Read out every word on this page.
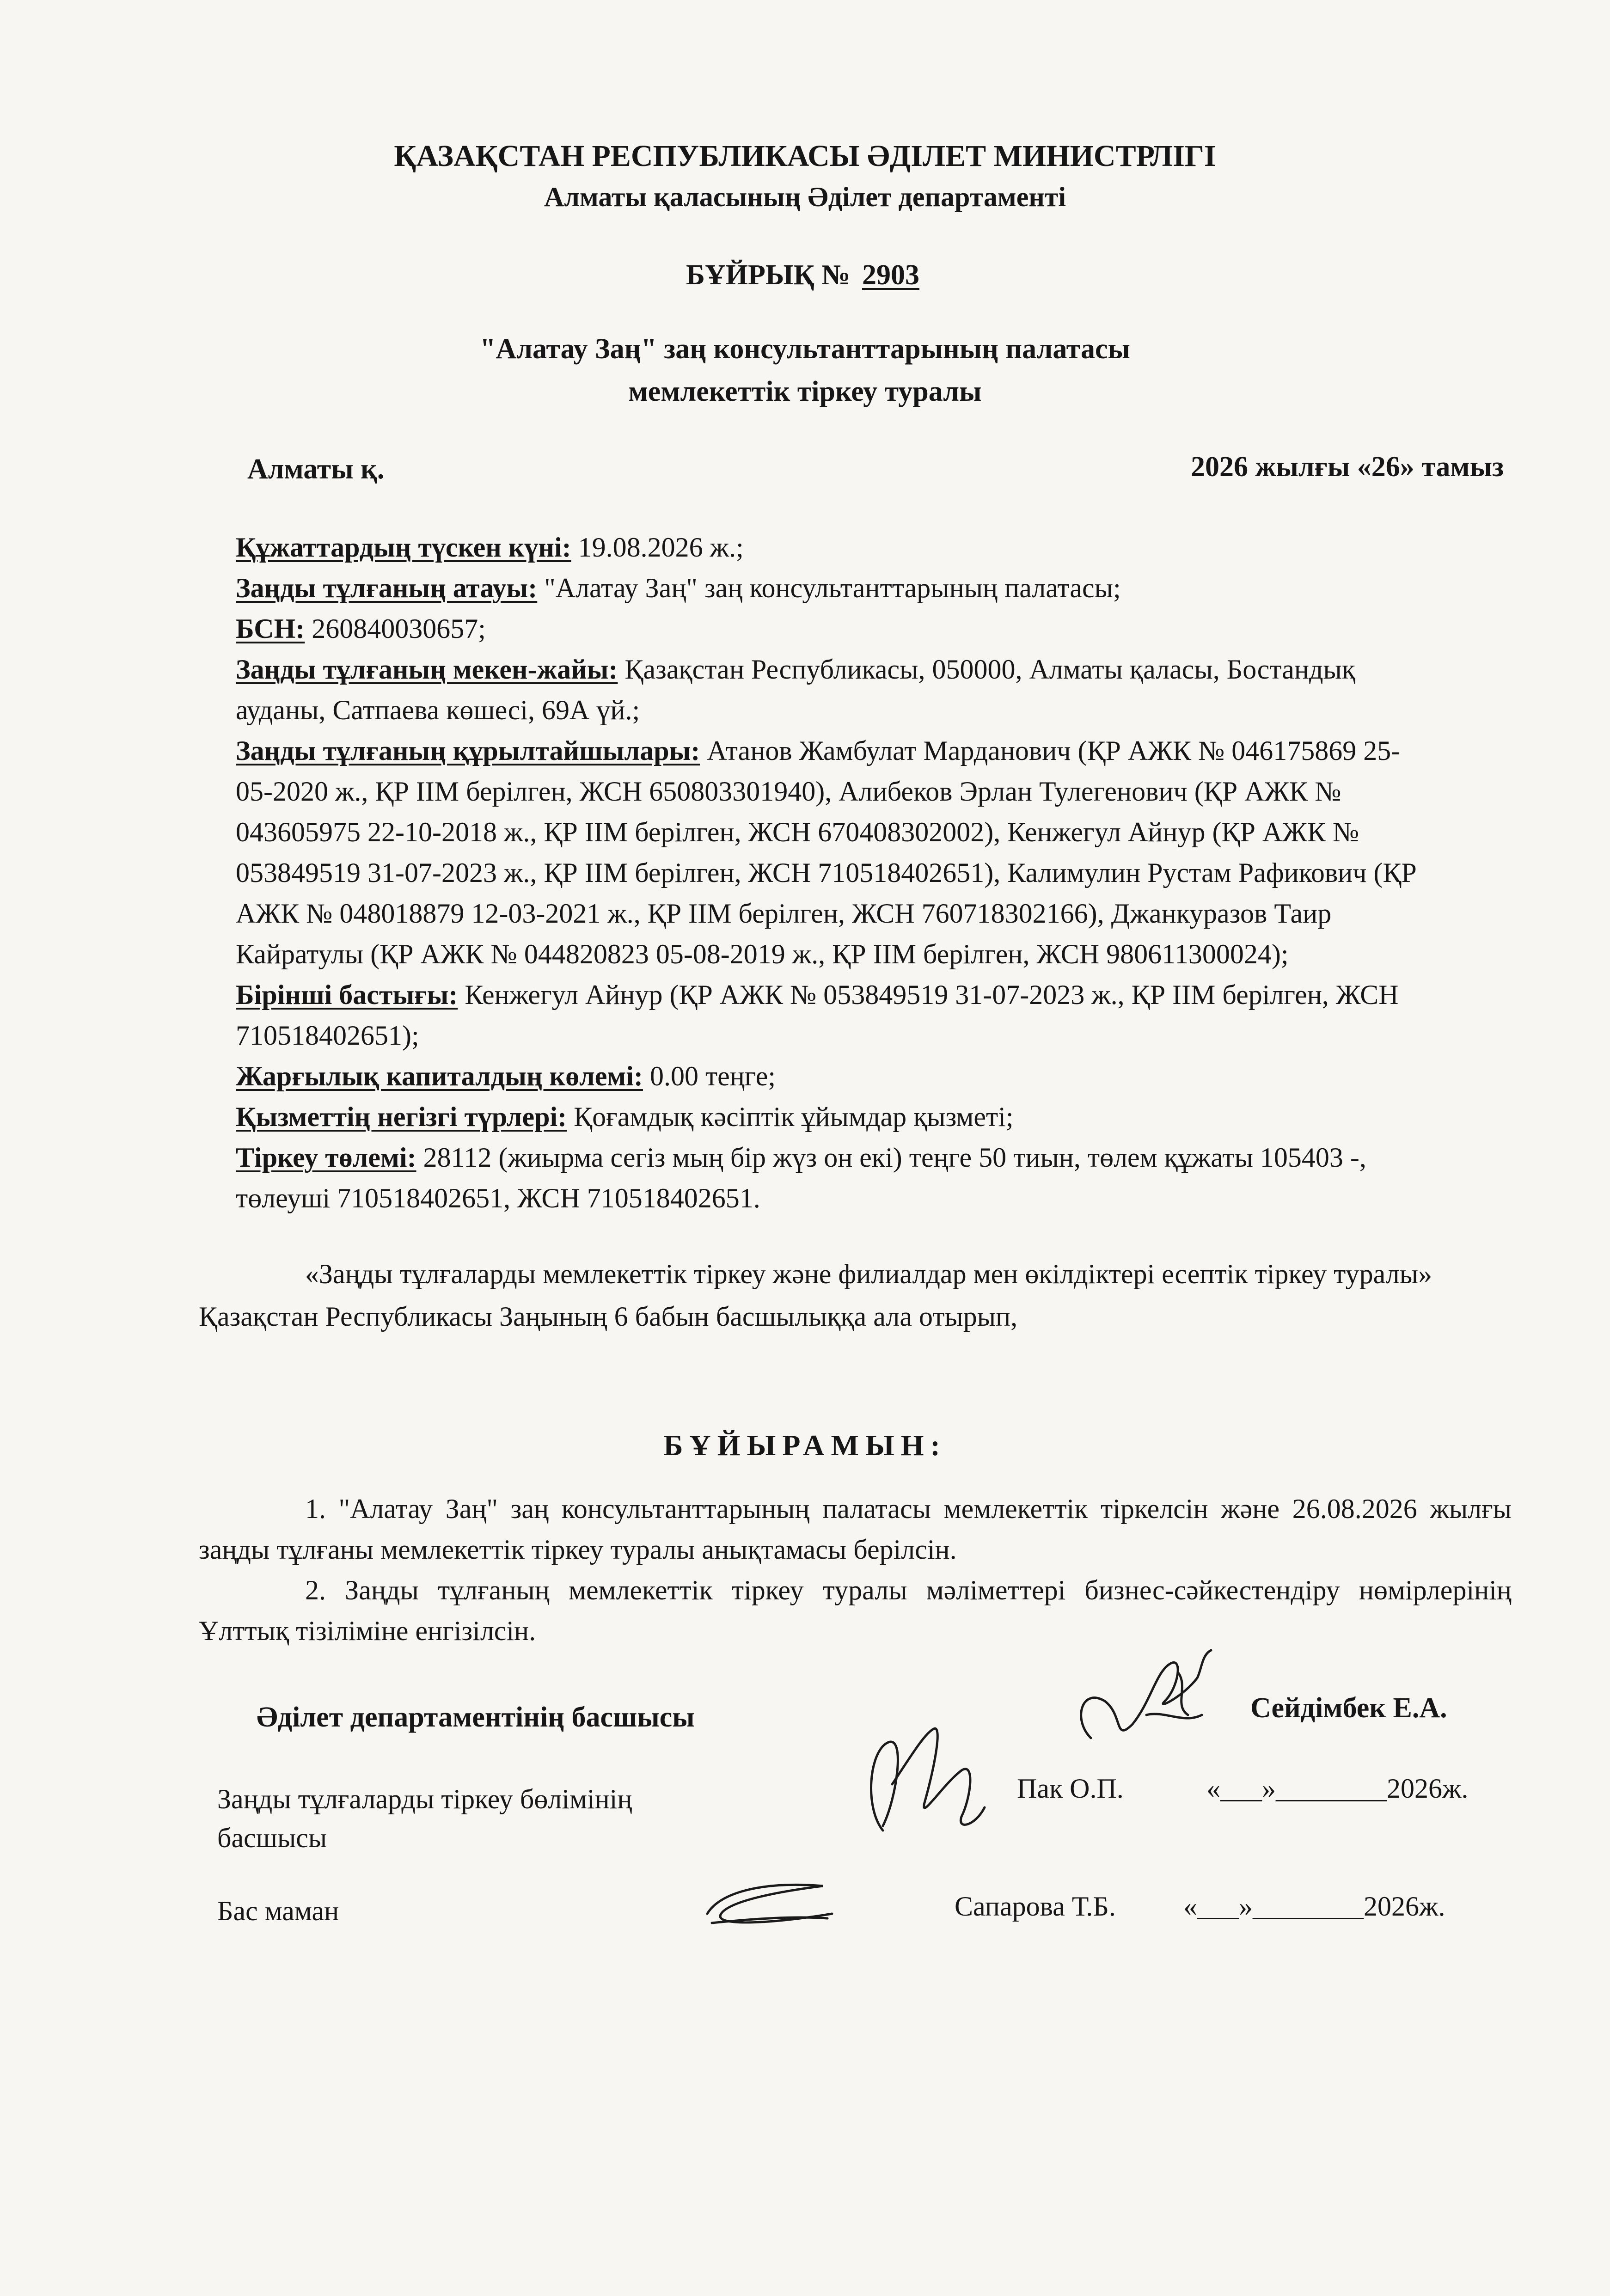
ҚАЗАҚСТАН РЕСПУБЛИКАСЫ ӘДІЛЕТ МИНИСТРЛІГІ
Алматы қаласының Әділет департаменті
БҰЙРЫҚ № 2903
"Алатау Заң" заң консультанттарының палатасы
мемлекеттік тіркеу туралы
Алматы қ.	2026 жылғы «26» тамыз

Құжаттардың түскен күні: 19.08.2026 ж.;

Заңды тұлғаның атауы: "Алатау Заң" заң консультанттарының палатасы;

БСН: 260840030657;

Заңды тұлғаның мекен-жайы: Қазақстан Республикасы, 050000, Алматы қаласы, Бостандық ауданы, Сатпаева көшесі, 69А үй.;

Заңды тұлғаның құрылтайшылары: Атанов Жамбулат Марданович (ҚР АЖК № 046175869 25-05-2020 ж., ҚР ІІМ берілген, ЖСН 650803301940), Алибеков Эрлан Тулегенович (ҚР АЖК № 043605975 22-10-2018 ж., ҚР ІІМ берілген, ЖСН 670408302002), Кенжегул Айнур (ҚР АЖК № 053849519 31-07-2023 ж., ҚР ІІМ берілген, ЖСН 710518402651), Калимулин Рустам Рафикович (ҚР АЖК № 048018879 12-03-2021 ж., ҚР ІІМ берілген, ЖСН 760718302166), Джанкуразов Таир Кайратулы (ҚР АЖК № 044820823 05-08-2019 ж., ҚР ІІМ берілген, ЖСН 980611300024);

Бірінші бастығы: Кенжегул Айнур (ҚР АЖК № 053849519 31-07-2023 ж., ҚР ІІМ берілген, ЖСН 710518402651);

Жарғылық капиталдың көлемі: 0.00 теңге;

Қызметтің негізгі түрлері: Қоғамдық кәсіптік ұйымдар қызметі;

Тіркеу төлемі: 28112 (жиырма сегіз мың бір жүз он екі) теңге 50 тиын, төлем құжаты 105403 -, төлеуші 710518402651, ЖСН 710518402651.

«Заңды тұлғаларды мемлекеттік тіркеу және филиалдар мен өкілдіктері есептік тіркеу туралы» Қазақстан Республикасы Заңының 6 бабын басшылыққа ала отырып,
БҰЙЫРАМЫН:

1. "Алатау Заң" заң консультанттарының палатасы мемлекеттік тіркелсін және 26.08.2026 жылғы заңды тұлғаны мемлекеттік тіркеу туралы анықтамасы берілсін.

2. Заңды тұлғаның мемлекеттік тіркеу туралы мәліметтері бизнес-сәйкестендіру нөмірлерінің Ұлттық тізіліміне енгізілсін.

Әділет департаментінің басшысы	Сейдімбек Е.А.
Заңды тұлғаларды тіркеу бөлімінің басшысы
Пак О.П.	«___»________2026ж.
Бас маман	Сапарова Т.Б. «___»________2026ж.
